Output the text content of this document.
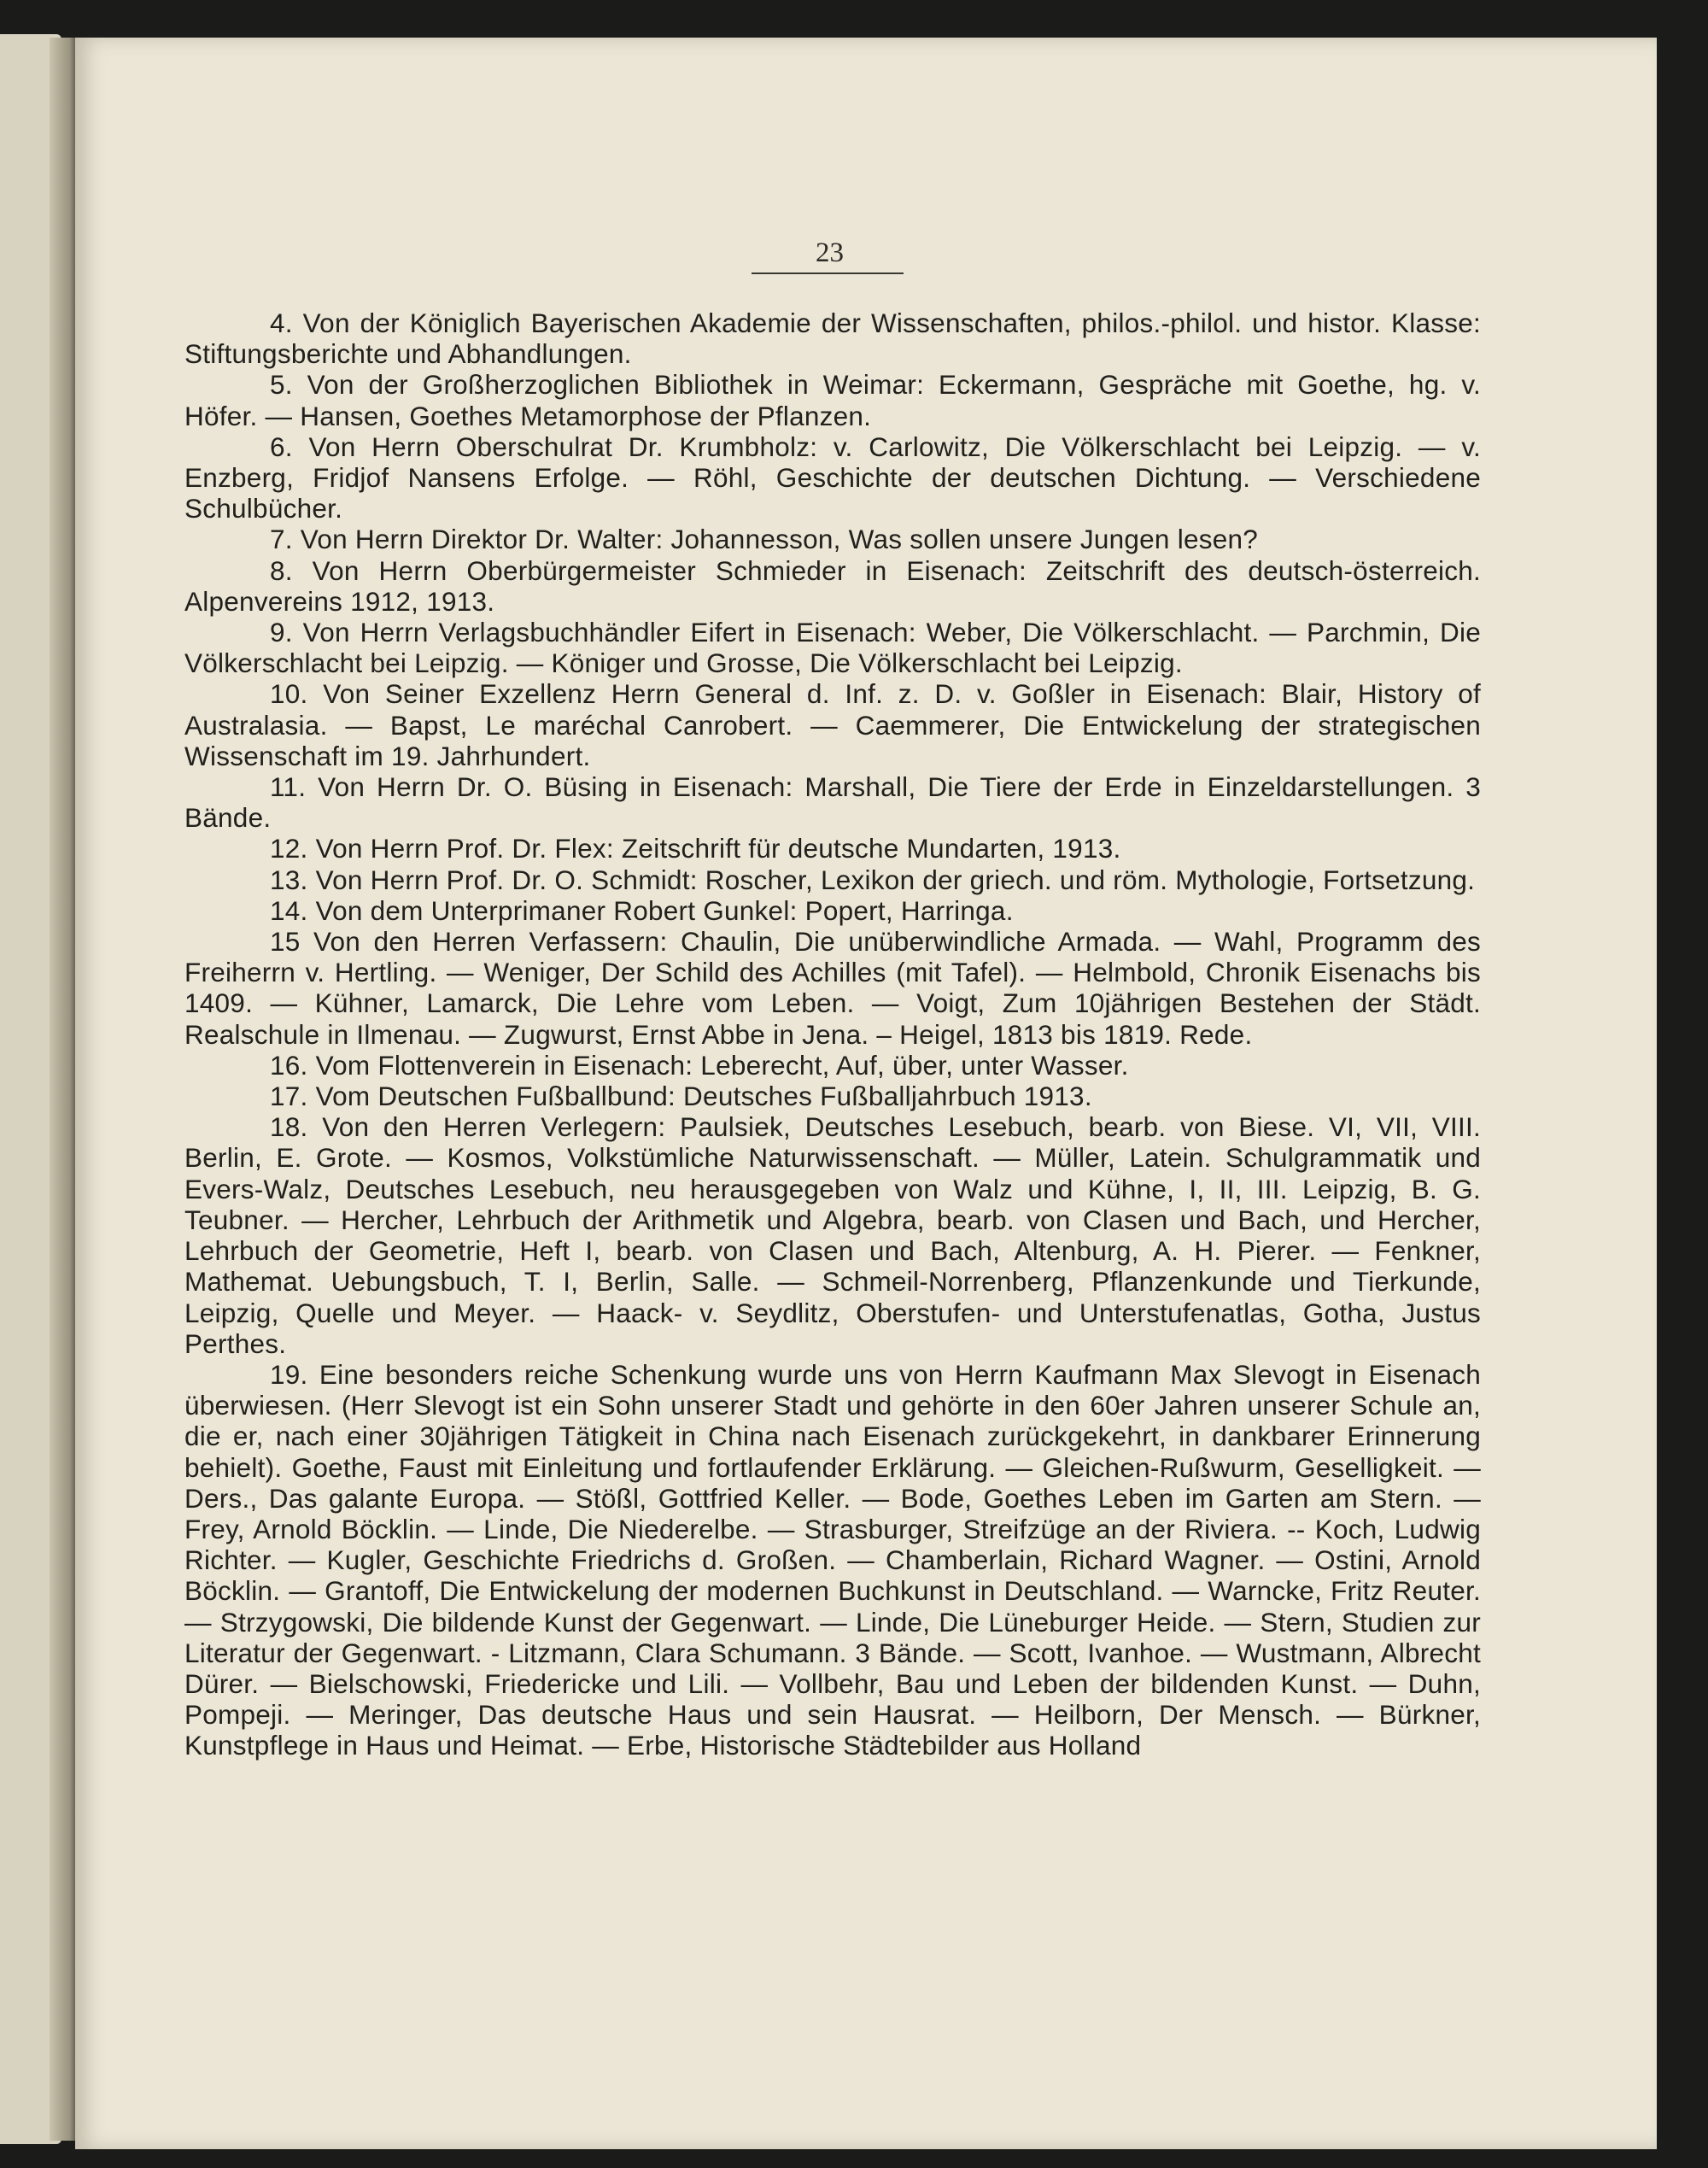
23

4. Von der Königlich Bayerischen Akademie der Wissenschaften, philos.-philol. und histor. Klasse: Stiftungsberichte und Abhandlungen.

5. Von der Großherzoglichen Bibliothek in Weimar: Eckermann, Gespräche mit Goethe, hg. v. Höfer. — Hansen, Goethes Metamorphose der Pflanzen.

6. Von Herrn Oberschulrat Dr. Krumbholz: v. Carlowitz, Die Völkerschlacht bei Leipzig. — v. Enzberg, Fridjof Nansens Erfolge. — Röhl, Geschichte der deutschen Dichtung. — Verschiedene Schulbücher.

7. Von Herrn Direktor Dr. Walter: Johannesson, Was sollen unsere Jungen lesen?

8. Von Herrn Oberbürgermeister Schmieder in Eisenach: Zeitschrift des deutsch-österreich. Alpenvereins 1912, 1913.

9. Von Herrn Verlagsbuchhändler Eifert in Eisenach: Weber, Die Völkerschlacht. — Parchmin, Die Völkerschlacht bei Leipzig. — Königer und Grosse, Die Völkerschlacht bei Leipzig.

10. Von Seiner Exzellenz Herrn General d. Inf. z. D. v. Goßler in Eisenach: Blair, History of Australasia. — Bapst, Le maréchal Canrobert. — Caemmerer, Die Entwickelung der strategischen Wissenschaft im 19. Jahrhundert.

11. Von Herrn Dr. O. Büsing in Eisenach: Marshall, Die Tiere der Erde in Einzeldarstellungen. 3 Bände.

12. Von Herrn Prof. Dr. Flex: Zeitschrift für deutsche Mundarten, 1913.

13. Von Herrn Prof. Dr. O. Schmidt: Roscher, Lexikon der griech. und röm. Mythologie, Fortsetzung.

14. Von dem Unterprimaner Robert Gunkel: Popert, Harringa.

15 Von den Herren Verfassern: Chaulin, Die unüberwindliche Armada. — Wahl, Programm des Freiherrn v. Hertling. — Weniger, Der Schild des Achilles (mit Tafel). — Helmbold, Chronik Eisenachs bis 1409. — Kühner, Lamarck, Die Lehre vom Leben. — Voigt, Zum 10jährigen Bestehen der Städt. Realschule in Ilmenau. — Zugwurst, Ernst Abbe in Jena. – Heigel, 1813 bis 1819. Rede.

16. Vom Flottenverein in Eisenach: Leberecht, Auf, über, unter Wasser.

17. Vom Deutschen Fußballbund: Deutsches Fußballjahrbuch 1913.

18. Von den Herren Verlegern: Paulsiek, Deutsches Lesebuch, bearb. von Biese. VI, VII, VIII. Berlin, E. Grote. — Kosmos, Volkstümliche Naturwissenschaft. — Müller, Latein. Schulgrammatik und Evers-Walz, Deutsches Lesebuch, neu herausgegeben von Walz und Kühne, I, II, III. Leipzig, B. G. Teubner. — Hercher, Lehrbuch der Arithmetik und Algebra, bearb. von Clasen und Bach, und Hercher, Lehrbuch der Geometrie, Heft I, bearb. von Clasen und Bach, Altenburg, A. H. Pierer. — Fenkner, Mathemat. Uebungsbuch, T. I, Berlin, Salle. — Schmeil-Norrenberg, Pflanzenkunde und Tierkunde, Leipzig, Quelle und Meyer. — Haack- v. Seydlitz, Oberstufen- und Unterstufenatlas, Gotha, Justus Perthes.

19. Eine besonders reiche Schenkung wurde uns von Herrn Kaufmann Max Slevogt in Eisenach überwiesen. (Herr Slevogt ist ein Sohn unserer Stadt und gehörte in den 60er Jahren unserer Schule an, die er, nach einer 30jährigen Tätigkeit in China nach Eisenach zurückgekehrt, in dankbarer Erinnerung behielt). Goethe, Faust mit Einleitung und fortlaufender Erklärung. — Gleichen-Rußwurm, Geselligkeit. — Ders., Das galante Europa. — Stößl, Gottfried Keller. — Bode, Goethes Leben im Garten am Stern. — Frey, Arnold Böcklin. — Linde, Die Niederelbe. — Strasburger, Streifzüge an der Riviera. -- Koch, Ludwig Richter. — Kugler, Geschichte Friedrichs d. Großen. — Chamberlain, Richard Wagner. — Ostini, Arnold Böcklin. — Grantoff, Die Entwickelung der modernen Buchkunst in Deutschland. — Warncke, Fritz Reuter. — Strzygowski, Die bildende Kunst der Gegenwart. — Linde, Die Lüneburger Heide. — Stern, Studien zur Literatur der Gegenwart. - Litzmann, Clara Schumann. 3 Bände. — Scott, Ivanhoe. — Wustmann, Albrecht Dürer. — Bielschowski, Friedericke und Lili. — Vollbehr, Bau und Leben der bildenden Kunst. — Duhn, Pompeji. — Meringer, Das deutsche Haus und sein Hausrat. — Heilborn, Der Mensch. — Bürkner, Kunstpflege in Haus und Heimat. — Erbe, Historische Städtebilder aus Holland
